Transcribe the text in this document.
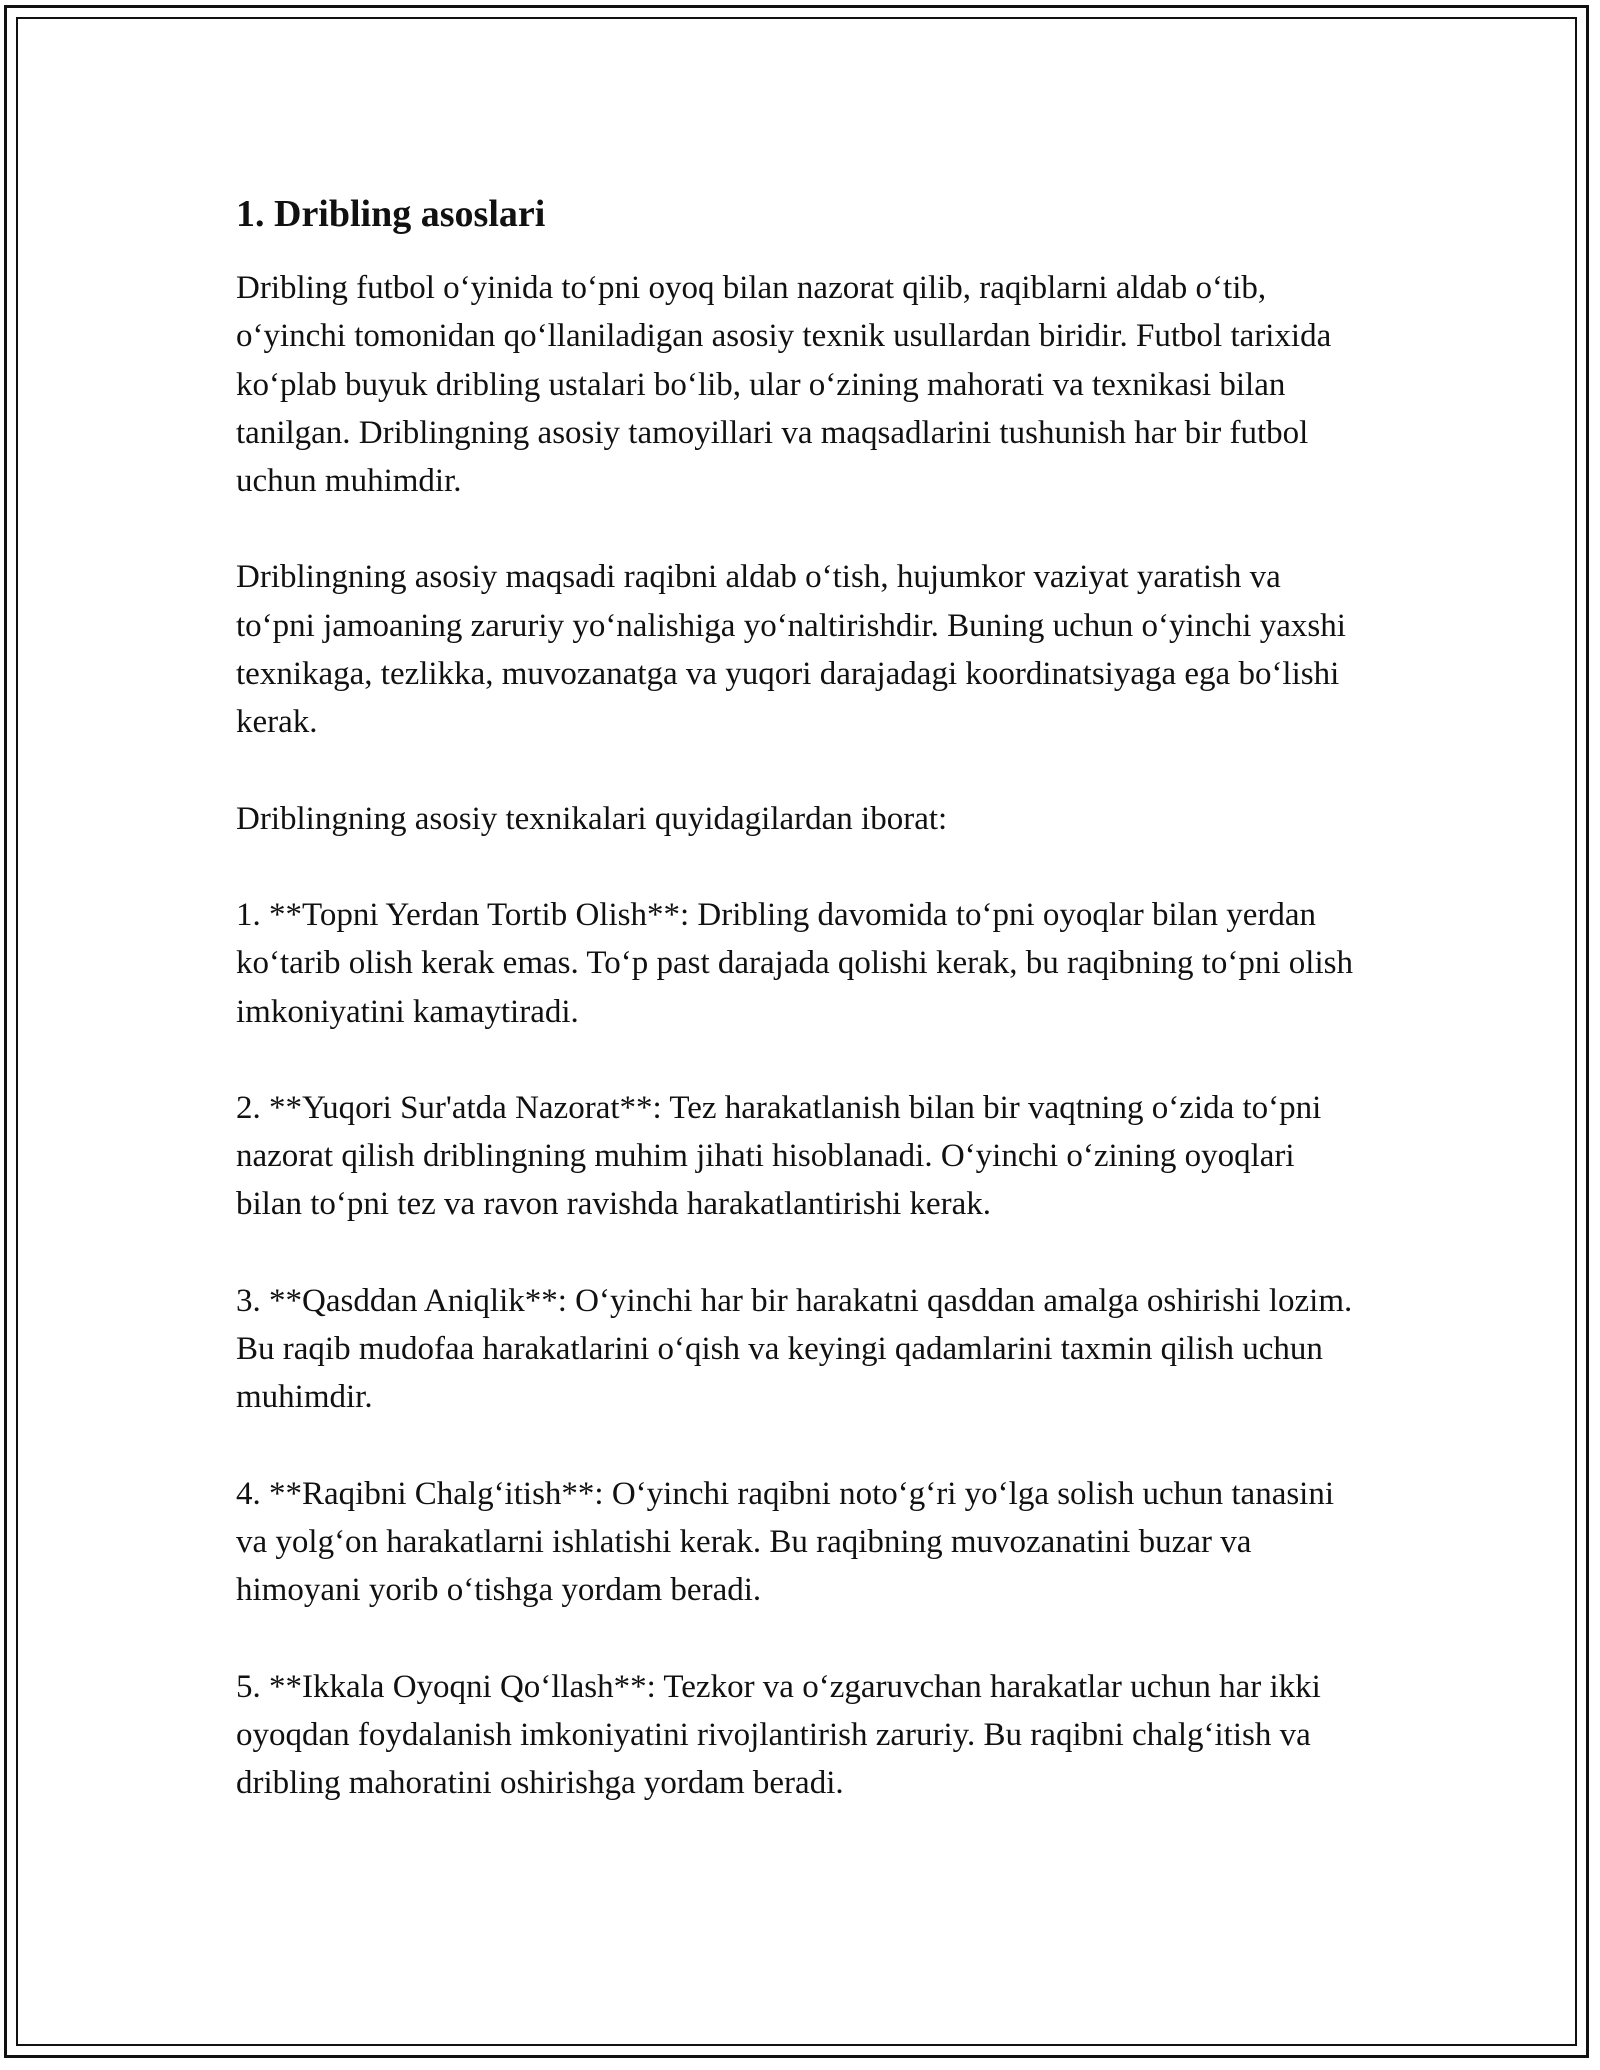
1. Dribling asoslari

Dribling futbol o‘yinida to‘pni oyoq bilan nazorat qilib, raqiblarni aldab o‘tib, o‘yinchi tomonidan qo‘llaniladigan asosiy texnik usullardan biridir. Futbol tarixida ko‘plab buyuk dribling ustalari bo‘lib, ular o‘zining mahorati va texnikasi bilan tanilgan. Driblingning asosiy tamoyillari va maqsadlarini tushunish har bir futbol uchun muhimdir.

Driblingning asosiy maqsadi raqibni aldab o‘tish, hujumkor vaziyat yaratish va to‘pni jamoaning zaruriy yo‘nalishiga yo‘naltirishdir. Buning uchun o‘yinchi yaxshi texnikaga, tezlikka, muvozanatga va yuqori darajadagi koordinatsiyaga ega bo‘lishi kerak.

Driblingning asosiy texnikalari quyidagilardan iborat:

1. **Topni Yerdan Tortib Olish**: Dribling davomida to‘pni oyoqlar bilan yerdan ko‘tarib olish kerak emas. To‘p past darajada qolishi kerak, bu raqibning to‘pni olish imkoniyatini kamaytiradi.

2. **Yuqori Sur'atda Nazorat**: Tez harakatlanish bilan bir vaqtning o‘zida to‘pni nazorat qilish driblingning muhim jihati hisoblanadi. O‘yinchi o‘zining oyoqlari bilan to‘pni tez va ravon ravishda harakatlantirishi kerak.

3. **Qasddan Aniqlik**: O‘yinchi har bir harakatni qasddan amalga oshirishi lozim. Bu raqib mudofaa harakatlarini o‘qish va keyingi qadamlarini taxmin qilish uchun muhimdir.

4. **Raqibni Chalg‘itish**: O‘yinchi raqibni noto‘g‘ri yo‘lga solish uchun tanasini va yolg‘on harakatlarni ishlatishi kerak. Bu raqibning muvozanatini buzar va himoyani yorib o‘tishga yordam beradi.

5. **Ikkala Oyoqni Qo‘llash**: Tezkor va o‘zgaruvchan harakatlar uchun har ikki oyoqdan foydalanish imkoniyatini rivojlantirish zaruriy. Bu raqibni chalg‘itish va dribling mahoratini oshirishga yordam beradi.
